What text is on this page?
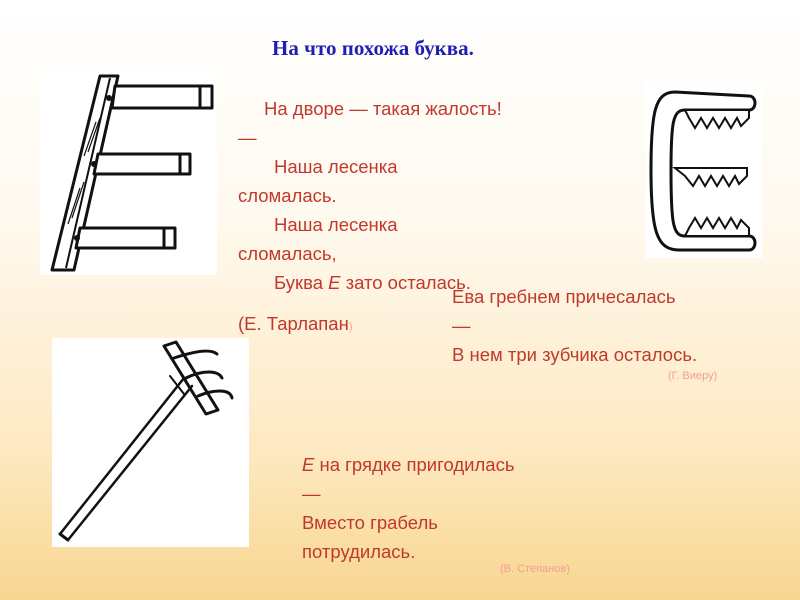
На что похожа буква.
На дворе — такая жалость!
—
Наша лесенка
сломалась.
Наша лесенка
сломалась,
Буква Е зато осталась.
(Е. Тарлапан)
Ева гребнем причесалась
—
В нем три зубчика осталось.
(Г. Виеру)
Е на грядке пригодилась
—
Вместо грабель
потрудилась.
(В. Степанов)
